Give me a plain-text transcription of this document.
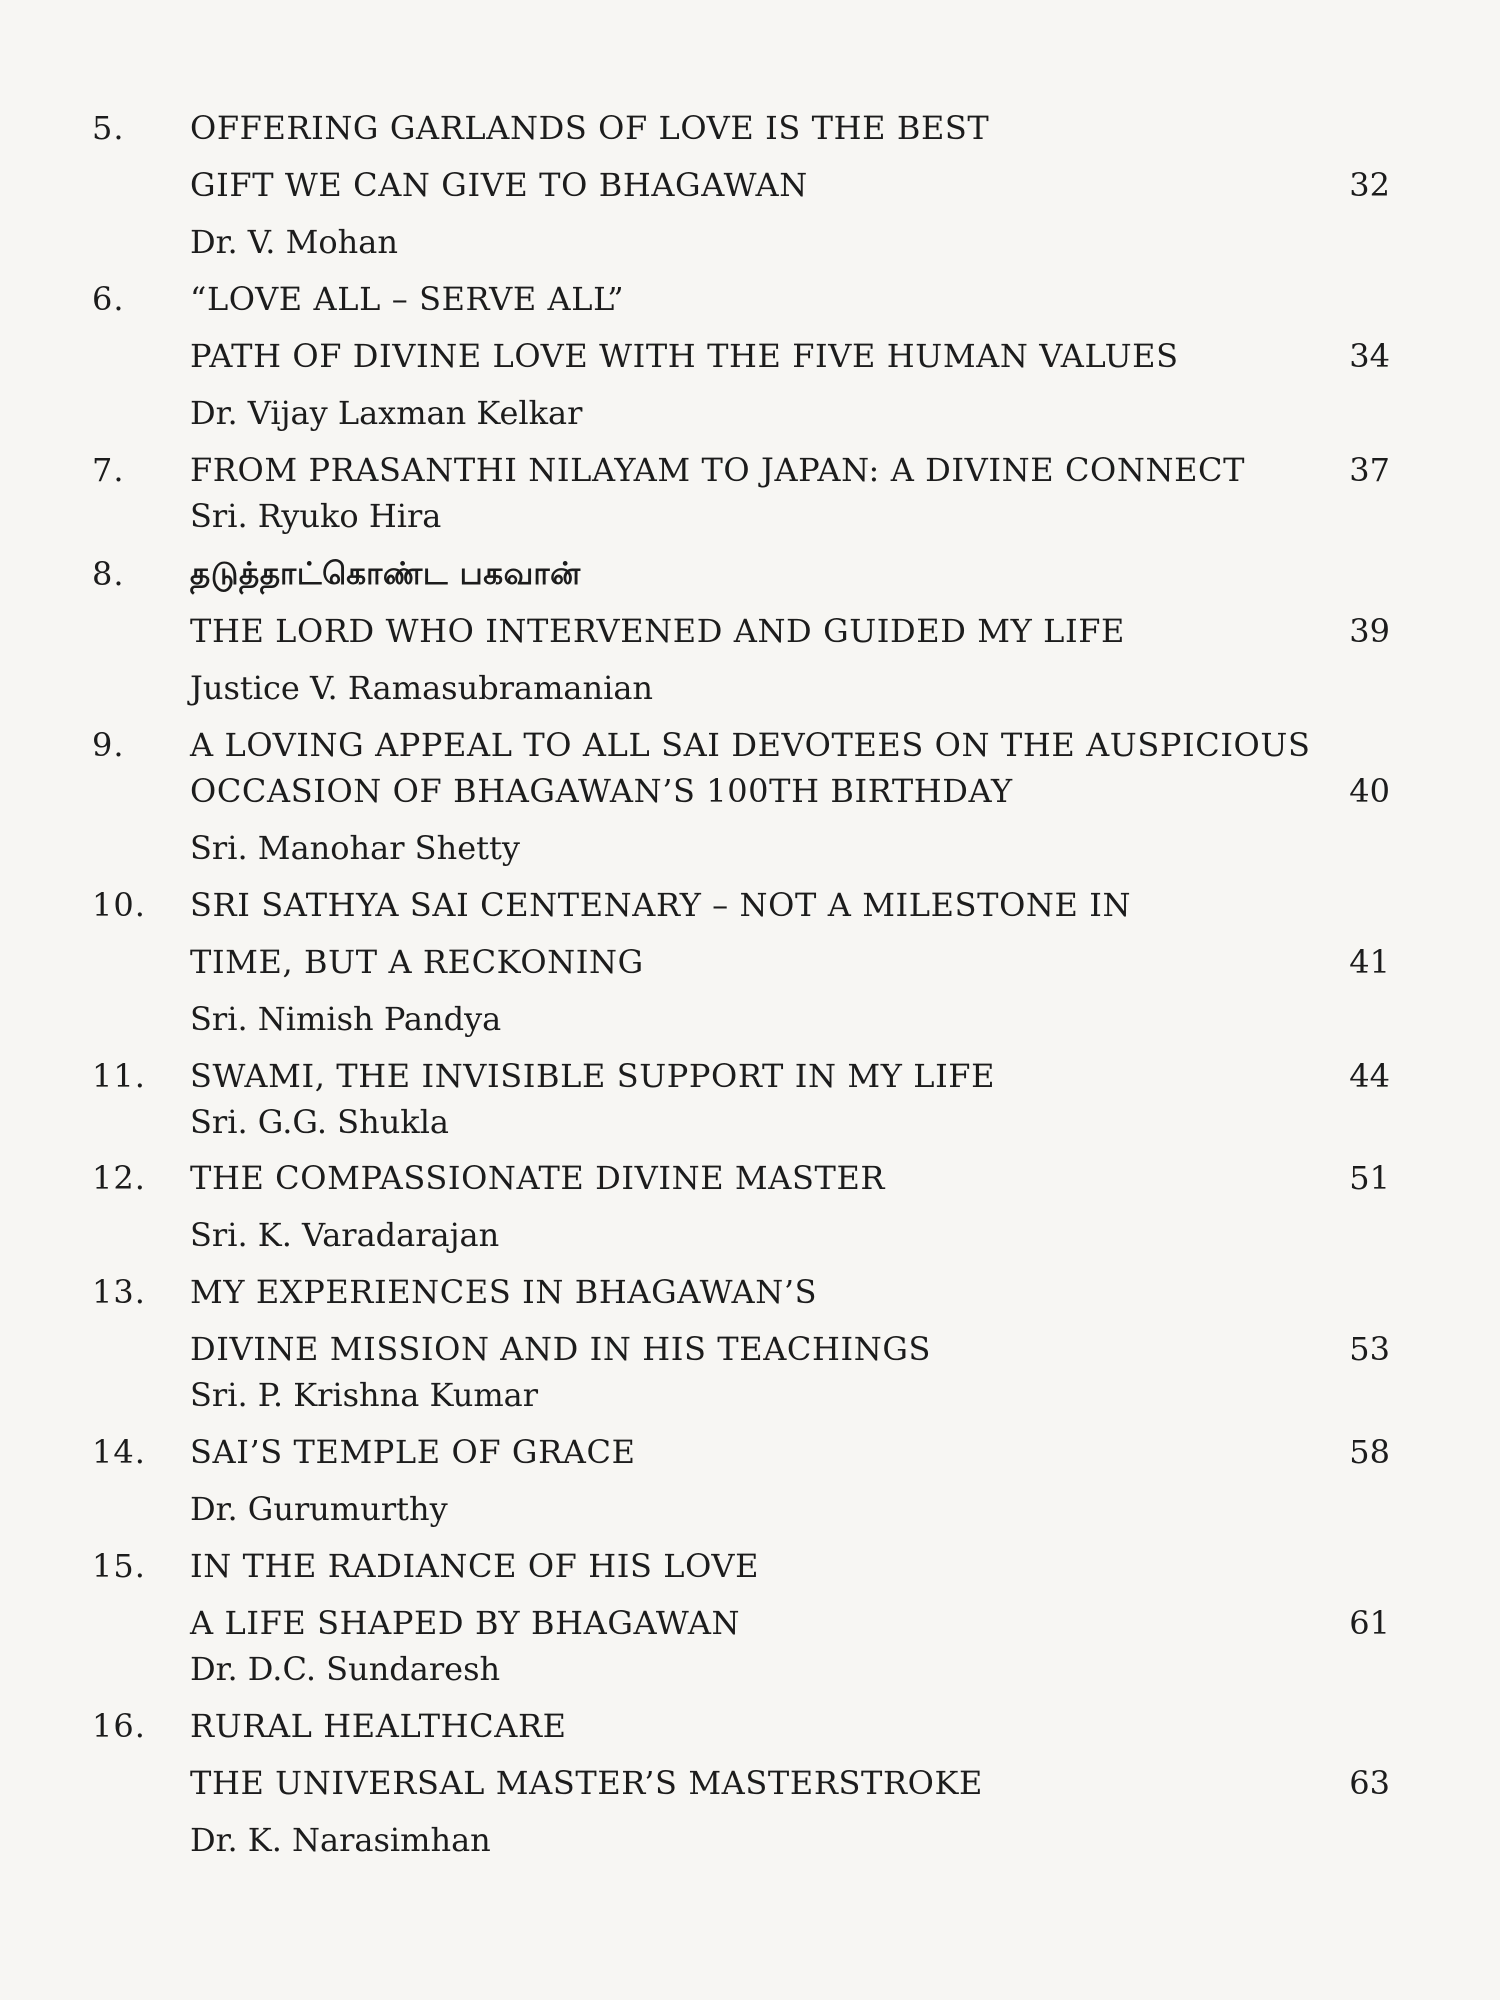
5. OFFERING GARLANDS OF LOVE IS THE BEST
GIFT WE CAN GIVE TO BHAGAWAN	32
Dr. V. Mohan
6. “LOVE ALL – SERVE ALL”
PATH OF DIVINE LOVE WITH THE FIVE HUMAN VALUES	34
Dr. Vijay Laxman Kelkar
7. FROM PRASANTHI NILAYAM TO JAPAN: A DIVINE CONNECT	37
Sri. Ryuko Hira
8. தடுத்தாட்கொண்ட பகவான்
THE LORD WHO INTERVENED AND GUIDED MY LIFE	39
Justice V. Ramasubramanian
9. A LOVING APPEAL TO ALL SAI DEVOTEES ON THE AUSPICIOUS
OCCASION OF BHAGAWAN’S 100TH BIRTHDAY	40
Sri. Manohar Shetty
10. SRI SATHYA SAI CENTENARY – NOT A MILESTONE IN
TIME, BUT A RECKONING	41
Sri. Nimish Pandya
11. SWAMI, THE INVISIBLE SUPPORT IN MY LIFE	44
Sri. G.G. Shukla
12. THE COMPASSIONATE DIVINE MASTER	51
Sri. K. Varadarajan
13. MY EXPERIENCES IN BHAGAWAN’S
DIVINE MISSION AND IN HIS TEACHINGS	53
Sri. P. Krishna Kumar
14. SAI’S TEMPLE OF GRACE	58
Dr. Gurumurthy
15. IN THE RADIANCE OF HIS LOVE
A LIFE SHAPED BY BHAGAWAN	61
Dr. D.C. Sundaresh
16. RURAL HEALTHCARE
THE UNIVERSAL MASTER’S MASTERSTROKE	63
Dr. K. Narasimhan
